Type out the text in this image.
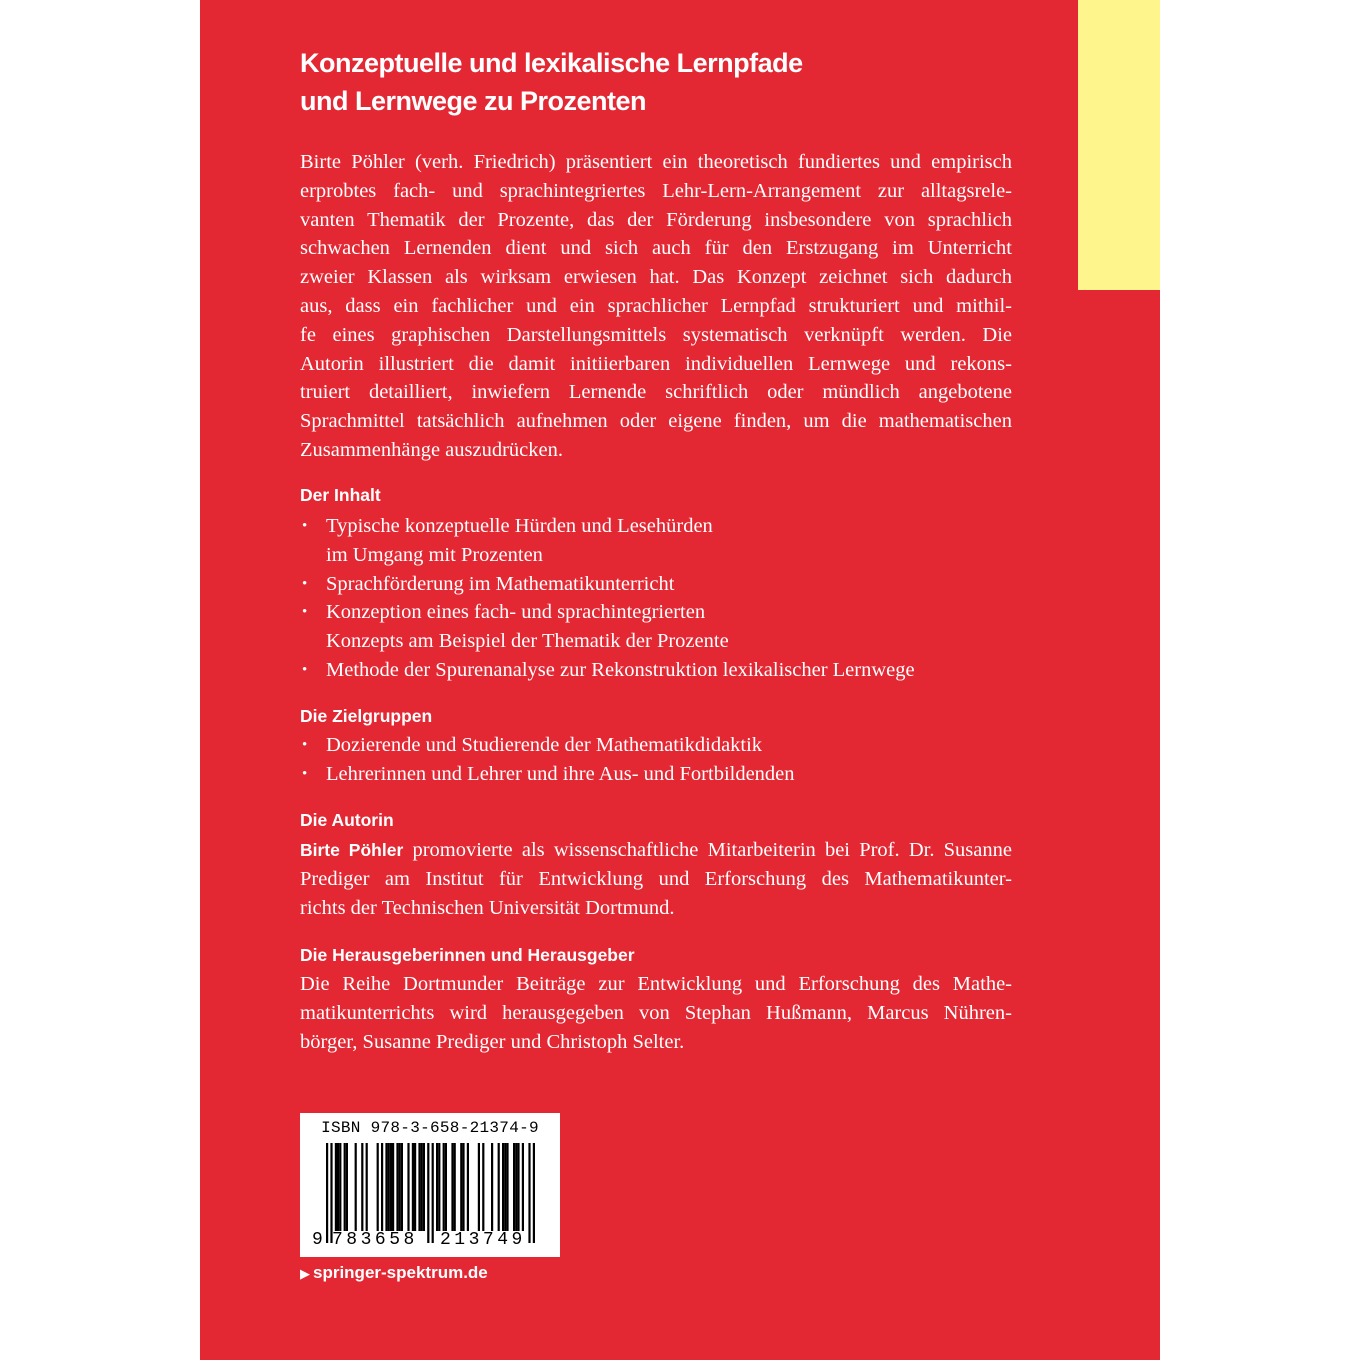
Konzeptuelle und lexikalische Lernpfade
und Lernwege zu Prozenten
Birte Pöhler (verh. Friedrich) präsentiert ein theoretisch fundiertes und empirisch
erprobtes fach- und sprachintegriertes Lehr-Lern-Arrangement zur alltagsrele-
vanten Thematik der Prozente, das der Förderung insbesondere von sprachlich
schwachen Lernenden dient und sich auch für den Erstzugang im Unterricht
zweier Klassen als wirksam erwiesen hat. Das Konzept zeichnet sich dadurch
aus, dass ein fachlicher und ein sprachlicher Lernpfad strukturiert und mithil-
fe eines graphischen Darstellungsmittels systematisch verknüpft werden. Die
Autorin illustriert die damit initiierbaren individuellen Lernwege und rekons-
truiert detailliert, inwiefern Lernende schriftlich oder mündlich angebotene
Sprachmittel tatsächlich aufnehmen oder eigene finden, um die mathematischen
Zusammenhänge auszudrücken.
Der Inhalt
• Typische konzeptuelle Hürden und Lesehürden
im Umgang mit Prozenten
• Sprachförderung im Mathematikunterricht
• Konzeption eines fach- und sprachintegrierten
Konzepts am Beispiel der Thematik der Prozente
• Methode der Spurenanalyse zur Rekonstruktion lexikalischer Lernwege
Die Zielgruppen
• Dozierende und Studierende der Mathematikdidaktik
• Lehrerinnen und Lehrer und ihre Aus- und Fortbildenden
Die Autorin
Birte Pöhler promovierte als wissenschaftliche Mitarbeiterin bei Prof. Dr. Susanne
Prediger am Institut für Entwicklung und Erforschung des Mathematikunter-
richts der Technischen Universität Dortmund.
Die Herausgeberinnen und Herausgeber
Die Reihe Dortmunder Beiträge zur Entwicklung und Erforschung des Mathe-
matikunterrichts wird herausgegeben von Stephan Hußmann, Marcus Nühren-
börger, Susanne Prediger und Christoph Selter.
ISBN 978-3-658-21374-9
9 783658 213749
▶ springer-spektrum.de
